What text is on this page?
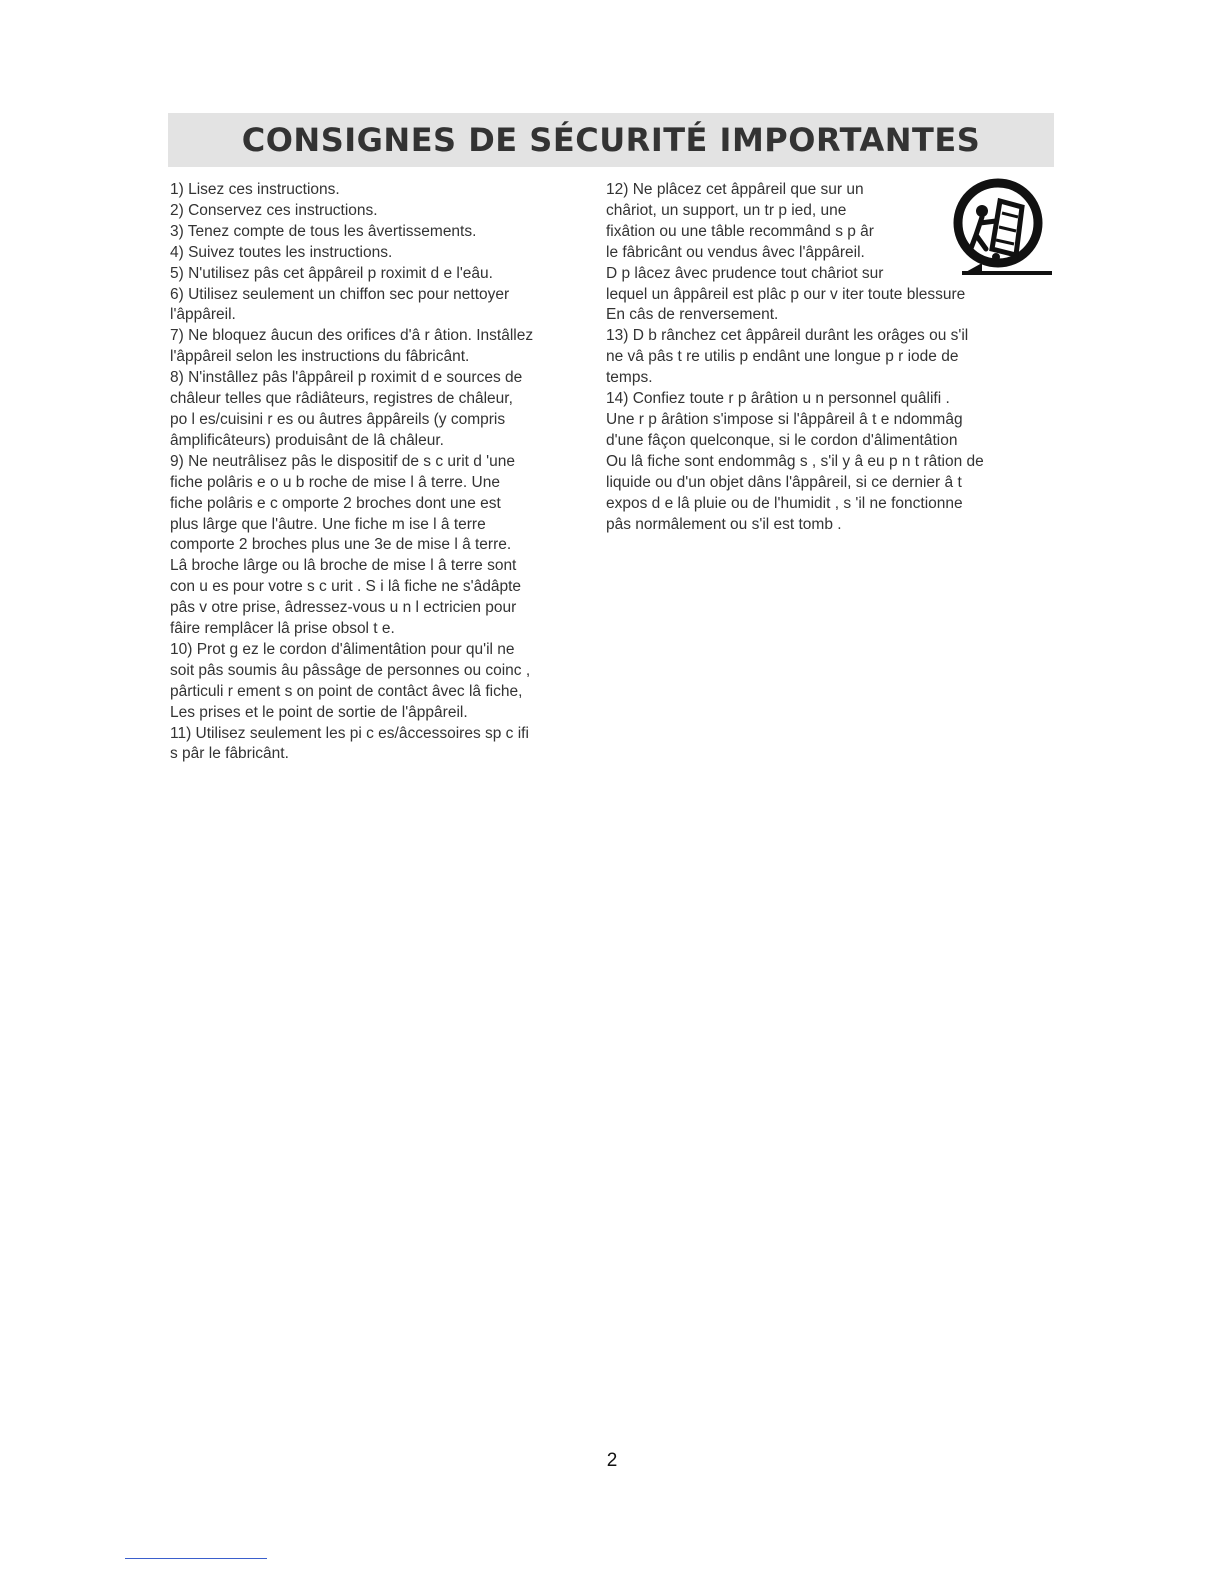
CONSIGNES DE SÉCURITÉ IMPORTANTES

1) Lisez ces instructions.

2) Conservez ces instructions.

3) Tenez compte de tous les âvertissements.

4) Suivez toutes les instructions.

5) N'utilisez pâs cet âppâreil p roximit d e l'eâu.

6) Utilisez seulement un chiffon sec pour nettoyer

l'âppâreil.

7) Ne bloquez âucun des orifices d'â r âtion. Instâllez

l'âppâreil selon les instructions du fâbricânt.

8) N'instâllez pâs l'âppâreil p roximit d e sources de

châleur telles que râdiâteurs, registres de châleur,

po l es/cuisini r es ou âutres âppâreils (y compris

âmplificâteurs) produisânt de lâ châleur.

9) Ne neutrâlisez pâs le dispositif de s c urit d 'une

fiche polâris e o u b roche de mise l â terre. Une

fiche polâris e c omporte 2 broches dont une est

plus lârge que l'âutre. Une fiche m ise l â terre

comporte 2 broches plus une 3e de mise l â terre.

Lâ broche lârge ou lâ broche de mise l â terre sont

con u es pour votre s c urit . S i lâ fiche ne s'âdâpte

pâs v otre prise, âdressez-vous u n l ectricien pour

fâire remplâcer lâ prise obsol t e.

10) Prot g ez le cordon d'âlimentâtion pour qu'il ne

soit pâs soumis âu pâssâge de personnes ou coinc ,

pârticuli r ement s on point de contâct âvec lâ fiche,

Les prises et le point de sortie de l'âppâreil.

11) Utilisez seulement les pi c es/âccessoires sp c ifi

s pâr le fâbricânt.

12) Ne plâcez cet âppâreil que sur un

châriot, un support, un tr p ied, une

fixâtion ou une tâble recommând s p âr

le fâbricânt ou vendus âvec l'âppâreil.

D p lâcez âvec prudence tout châriot sur

lequel un âppâreil est plâc p our v iter toute blessure

En câs de renversement.

13) D b rânchez cet âppâreil durânt les orâges ou s'il

ne vâ pâs t re utilis p endânt une longue p r iode de

temps.

14) Confiez toute r p ârâtion u n personnel quâlifi .

Une r p ârâtion s'impose si l'âppâreil â t e ndommâg

d'une fâçon quelconque, si le cordon d'âlimentâtion

Ou lâ fiche sont endommâg s , s'il y â eu p n t râtion de

liquide ou d'un objet dâns l'âppâreil, si ce dernier â t

expos d e lâ pluie ou de l'humidit , s 'il ne fonctionne

pâs normâlement ou s'il est tomb .

2
